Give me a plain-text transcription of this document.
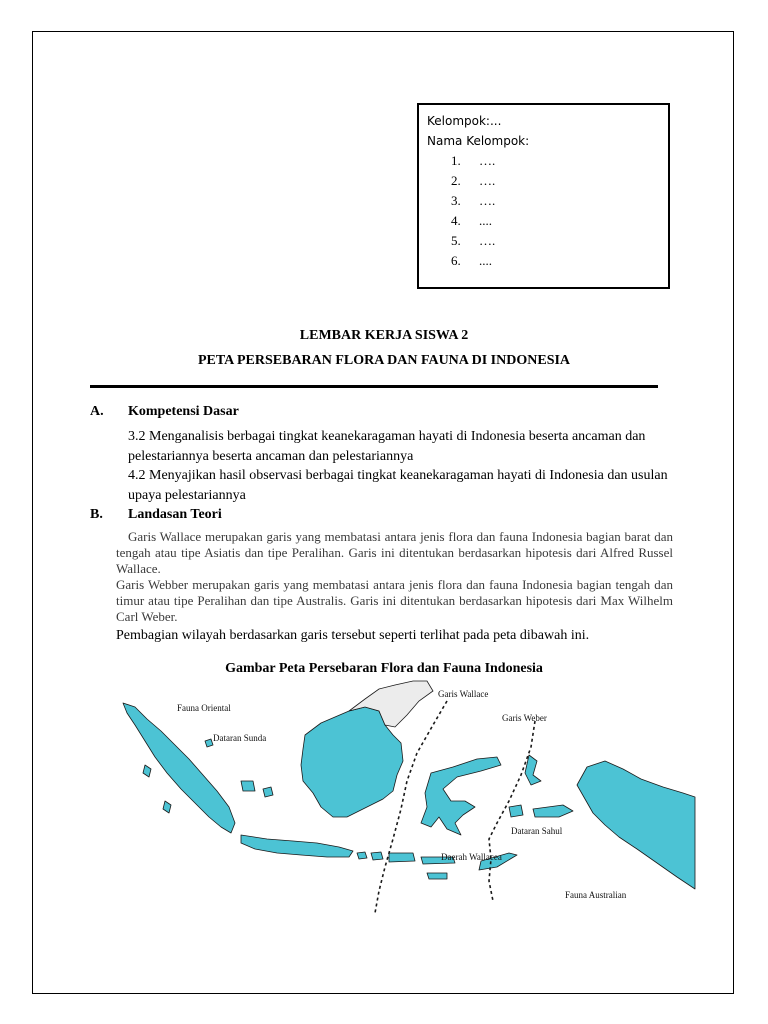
Kelompok:...
Nama Kelompok:
1.	….
2.	….
3.	….
4.	....
5.	….
6.	....
LEMBAR KERJA SISWA 2
PETA PERSEBARAN FLORA DAN FAUNA DI INDONESIA
A. Kompetensi Dasar
3.2 Menganalisis berbagai tingkat keanekaragaman hayati di Indonesia beserta ancaman dan pelestariannya beserta ancaman dan pelestariannya
4.2 Menyajikan hasil observasi berbagai tingkat keanekaragaman hayati di Indonesia dan usulan upaya pelestariannya
B. Landasan Teori

Garis Wallace merupakan garis yang membatasi antara jenis flora dan fauna Indonesia bagian barat dan tengah atau tipe Asiatis dan tipe Peralihan. Garis ini ditentukan berdasarkan hipotesis dari Alfred Russel Wallace.

Garis Webber merupakan garis yang membatasi antara jenis flora dan fauna Indonesia bagian tengah dan timur atau tipe Peralihan dan tipe Australis. Garis ini ditentukan berdasarkan hipotesis dari Max Wilhelm Carl Weber.

Pembagian wilayah berdasarkan garis tersebut seperti terlihat pada peta dibawah ini.
Gambar Peta Persebaran Flora dan Fauna Indonesia
Fauna Oriental
Dataran Sunda
Garis Wallace
Garis Weber
Dataran Sahul
Daerah Wallacea
Fauna Australian
